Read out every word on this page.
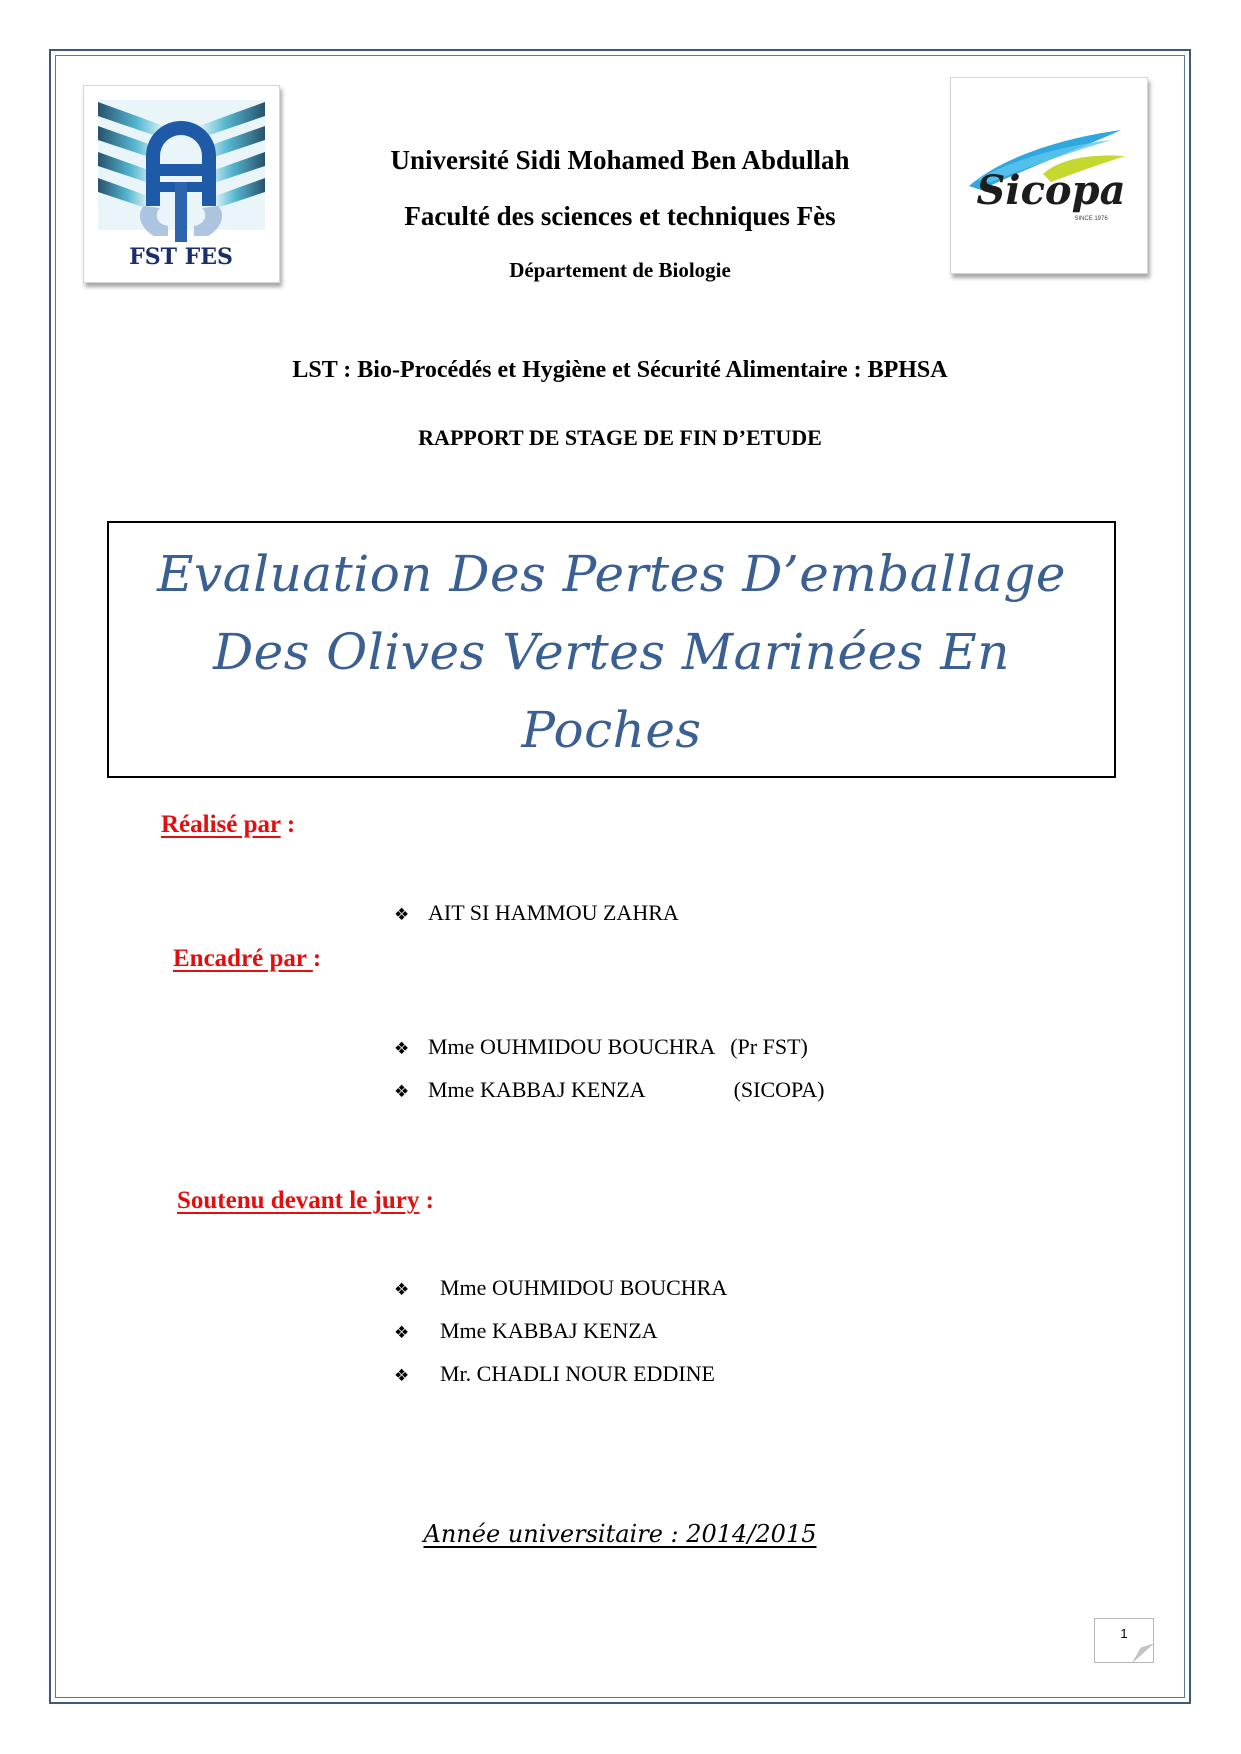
FST FES
Sicopa
SINCE 1976
Université Sidi Mohamed Ben Abdullah
Faculté des sciences et techniques Fès
Département de Biologie
LST : Bio-Procédés et Hygiène et Sécurité Alimentaire : BPHSA
RAPPORT DE STAGE DE FIN D’ETUDE
Evaluation Des Pertes D’emballage
Des Olives Vertes Marinées En
Poches
Réalisé par :

❖ AIT SI HAMMOU ZAHRA

Encadré par :

❖ Mme OUHMIDOU BOUCHRA (Pr FST)

❖ Mme KABBAJ KENZA	(SICOPA)

Soutenu devant le jury :

❖ Mme OUHMIDOU BOUCHRA

❖ Mme KABBAJ KENZA

❖ Mr. CHADLI NOUR EDDINE

Année universitaire : 2014/2015
1
